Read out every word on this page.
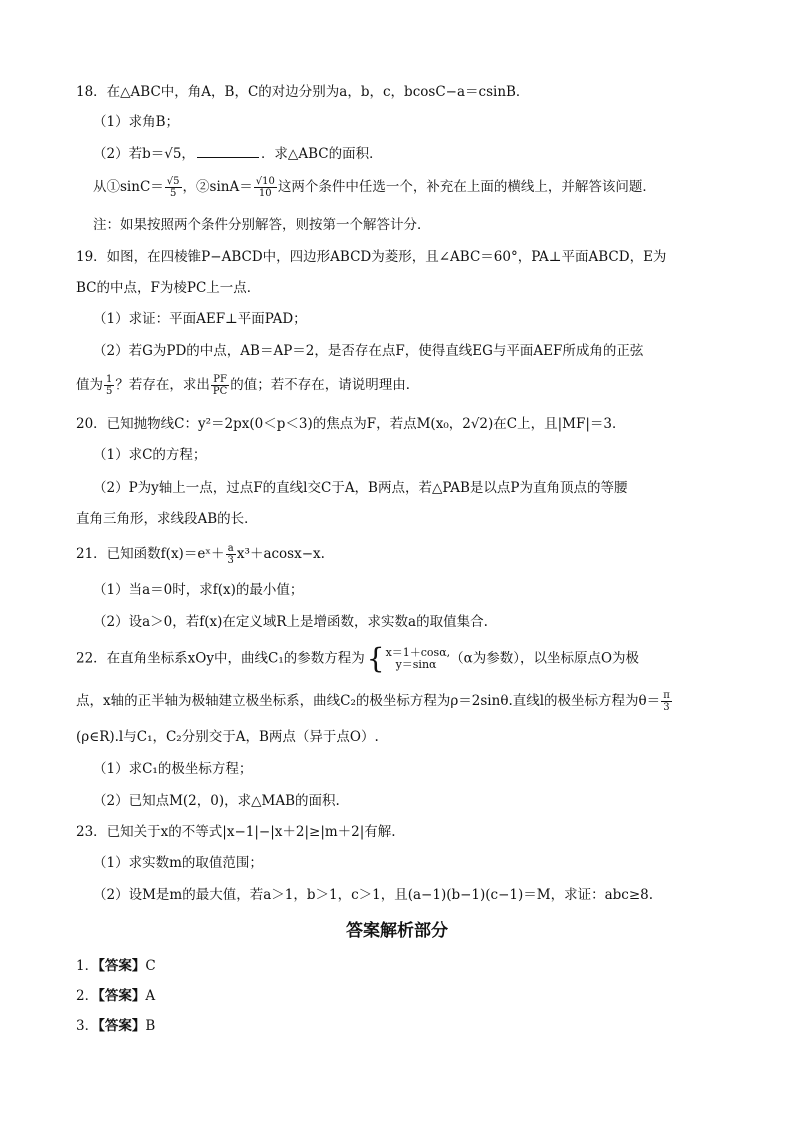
18．在△ABC中，角A，B，C的对边分别为a，b，c，bcosC−a＝csinB．
（1）求角B；
（2）若b＝√5，	．求△ABC的面积．
从①sinC＝ $\frac{√5}{5}$ ，②sinA＝ $\frac{√10}{10}$ 这两个条件中任选一个，补充在上面的横线上，并解答该问题．
注：如果按照两个条件分别解答，则按第一个解答计分．
19．如图，在四棱锥P−ABCD中，四边形ABCD为菱形，且∠ABC＝60°，PA⊥平面ABCD，E为
BC的中点，F为棱PC上一点．
（1）求证：平面AEF⊥平面PAD；
（2）若G为PD的中点，AB＝AP＝2，是否存在点F，使得直线EG与平面AEF所成角的正弦
值为 $\frac{1}{5}$ ？若存在，求出 $\frac{PF}{PC}$ 的值；若不存在，请说明理由．
20．已知抛物线C：y²＝2px(0＜p＜3)的焦点为F，若点M(x₀，2√2)在C上，且|MF|＝3．
（1）求C的方程；
（2）P为y轴上一点，过点F的直线l交C于A，B两点，若△PAB是以点P为直角顶点的等腰
直角三角形，求线段AB的长．
21．已知函数f(x)＝eˣ＋ $\frac{a}{3} x^3+acosx-x$.
（1）当a＝0时，求f(x)的最小值；
（2）设a＞0，若f(x)在定义域R上是增函数，求实数a的取值集合.
22．在直角坐标系xOy中，曲线C₁的参数方程为 { x＝1＋cosα,
y＝sinα	（α为参数），以坐标原点O为极
点，x轴的正半轴为极轴建立极坐标系，曲线C₂的极坐标方程为ρ＝2sinθ.直线l的极坐标方程为$\theta= \frac{\pi}{3}$
(ρ∈R).l与C₁，C₂分别交于A，B两点（异于点O）.
（1）求C₁的极坐标方程；
（2）已知点M(2，0)，求△MAB的面积.
23．已知关于x的不等式|x−1|−|x＋2|≥|m＋2|有解.
（1）求实数m的取值范围；
（2）设M是m的最大值，若a＞1，b＞1，c＞1，且(a−1)(b−1)(c−1)＝M，求证：abc≥8.
答案解析部分
1．【答案】C
2．【答案】A
3．【答案】B
